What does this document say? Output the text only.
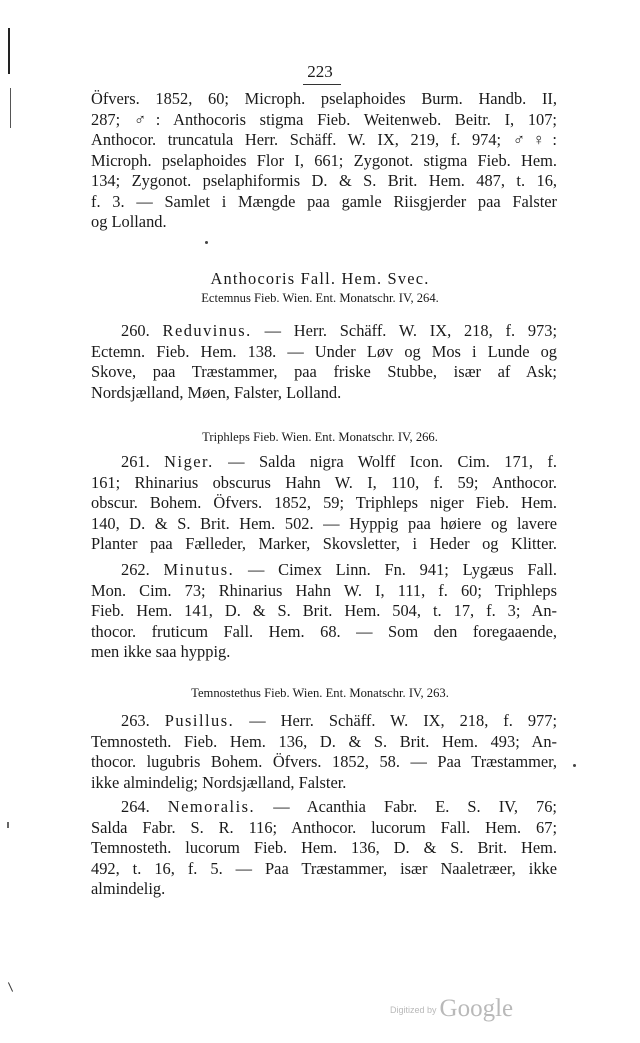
223
Öfvers. 1852, 60; Microph. pselaphoides Burm. Handb. II,
287; ♂: Anthocoris stigma Fieb. Weitenweb. Beitr. I, 107;
Anthocor. truncatula Herr. Schäff. W. IX, 219, f. 974; ♂♀:
Microph. pselaphoides Flor I, 661; Zygonot. stigma Fieb. Hem.
134; Zygonot. pselaphiformis D. & S. Brit. Hem. 487, t. 16,
f. 3. — Samlet i Mængde paa gamle Riisgjerder paa Falster
og Lolland.
Anthocoris Fall. Hem. Svec.
Ectemnus Fieb. Wien. Ent. Monatschr. IV, 264.
260. Reduvinus. — Herr. Schäff. W. IX, 218, f. 973;
Ectemn. Fieb. Hem. 138. — Under Løv og Mos i Lunde og
Skove, paa Træstammer, paa friske Stubbe, især af Ask;
Nordsjælland, Møen, Falster, Lolland.
Triphleps Fieb. Wien. Ent. Monatschr. IV, 266.
261. Niger. — Salda nigra Wolff Icon. Cim. 171, f.
161; Rhinarius obscurus Hahn W. I, 110, f. 59; Anthocor.
obscur. Bohem. Öfvers. 1852, 59; Triphleps niger Fieb. Hem.
140, D. & S. Brit. Hem. 502. — Hyppig paa høiere og lavere
Planter paa Fælleder, Marker, Skovsletter, i Heder og Klitter.
262. Minutus. — Cimex Linn. Fn. 941; Lygæus Fall.
Mon. Cim. 73; Rhinarius Hahn W. I, 111, f. 60; Triphleps
Fieb. Hem. 141, D. & S. Brit. Hem. 504, t. 17, f. 3; An-
thocor. fruticum Fall. Hem. 68. — Som den foregaaende,
men ikke saa hyppig.
Temnostethus Fieb. Wien. Ent. Monatschr. IV, 263.
263. Pusillus. — Herr. Schäff. W. IX, 218, f. 977;
Temnosteth. Fieb. Hem. 136, D. & S. Brit. Hem. 493; An-
thocor. lugubris Bohem. Öfvers. 1852, 58. — Paa Træstammer,
ikke almindelig; Nordsjælland, Falster.
264. Nemoralis. — Acanthia Fabr. E. S. IV, 76;
Salda Fabr. S. R. 116; Anthocor. lucorum Fall. Hem. 67;
Temnosteth. lucorum Fieb. Hem. 136, D. & S. Brit. Hem.
492, t. 16, f. 5. — Paa Træstammer, især Naaletræer, ikke
almindelig.
Digitized by Google
